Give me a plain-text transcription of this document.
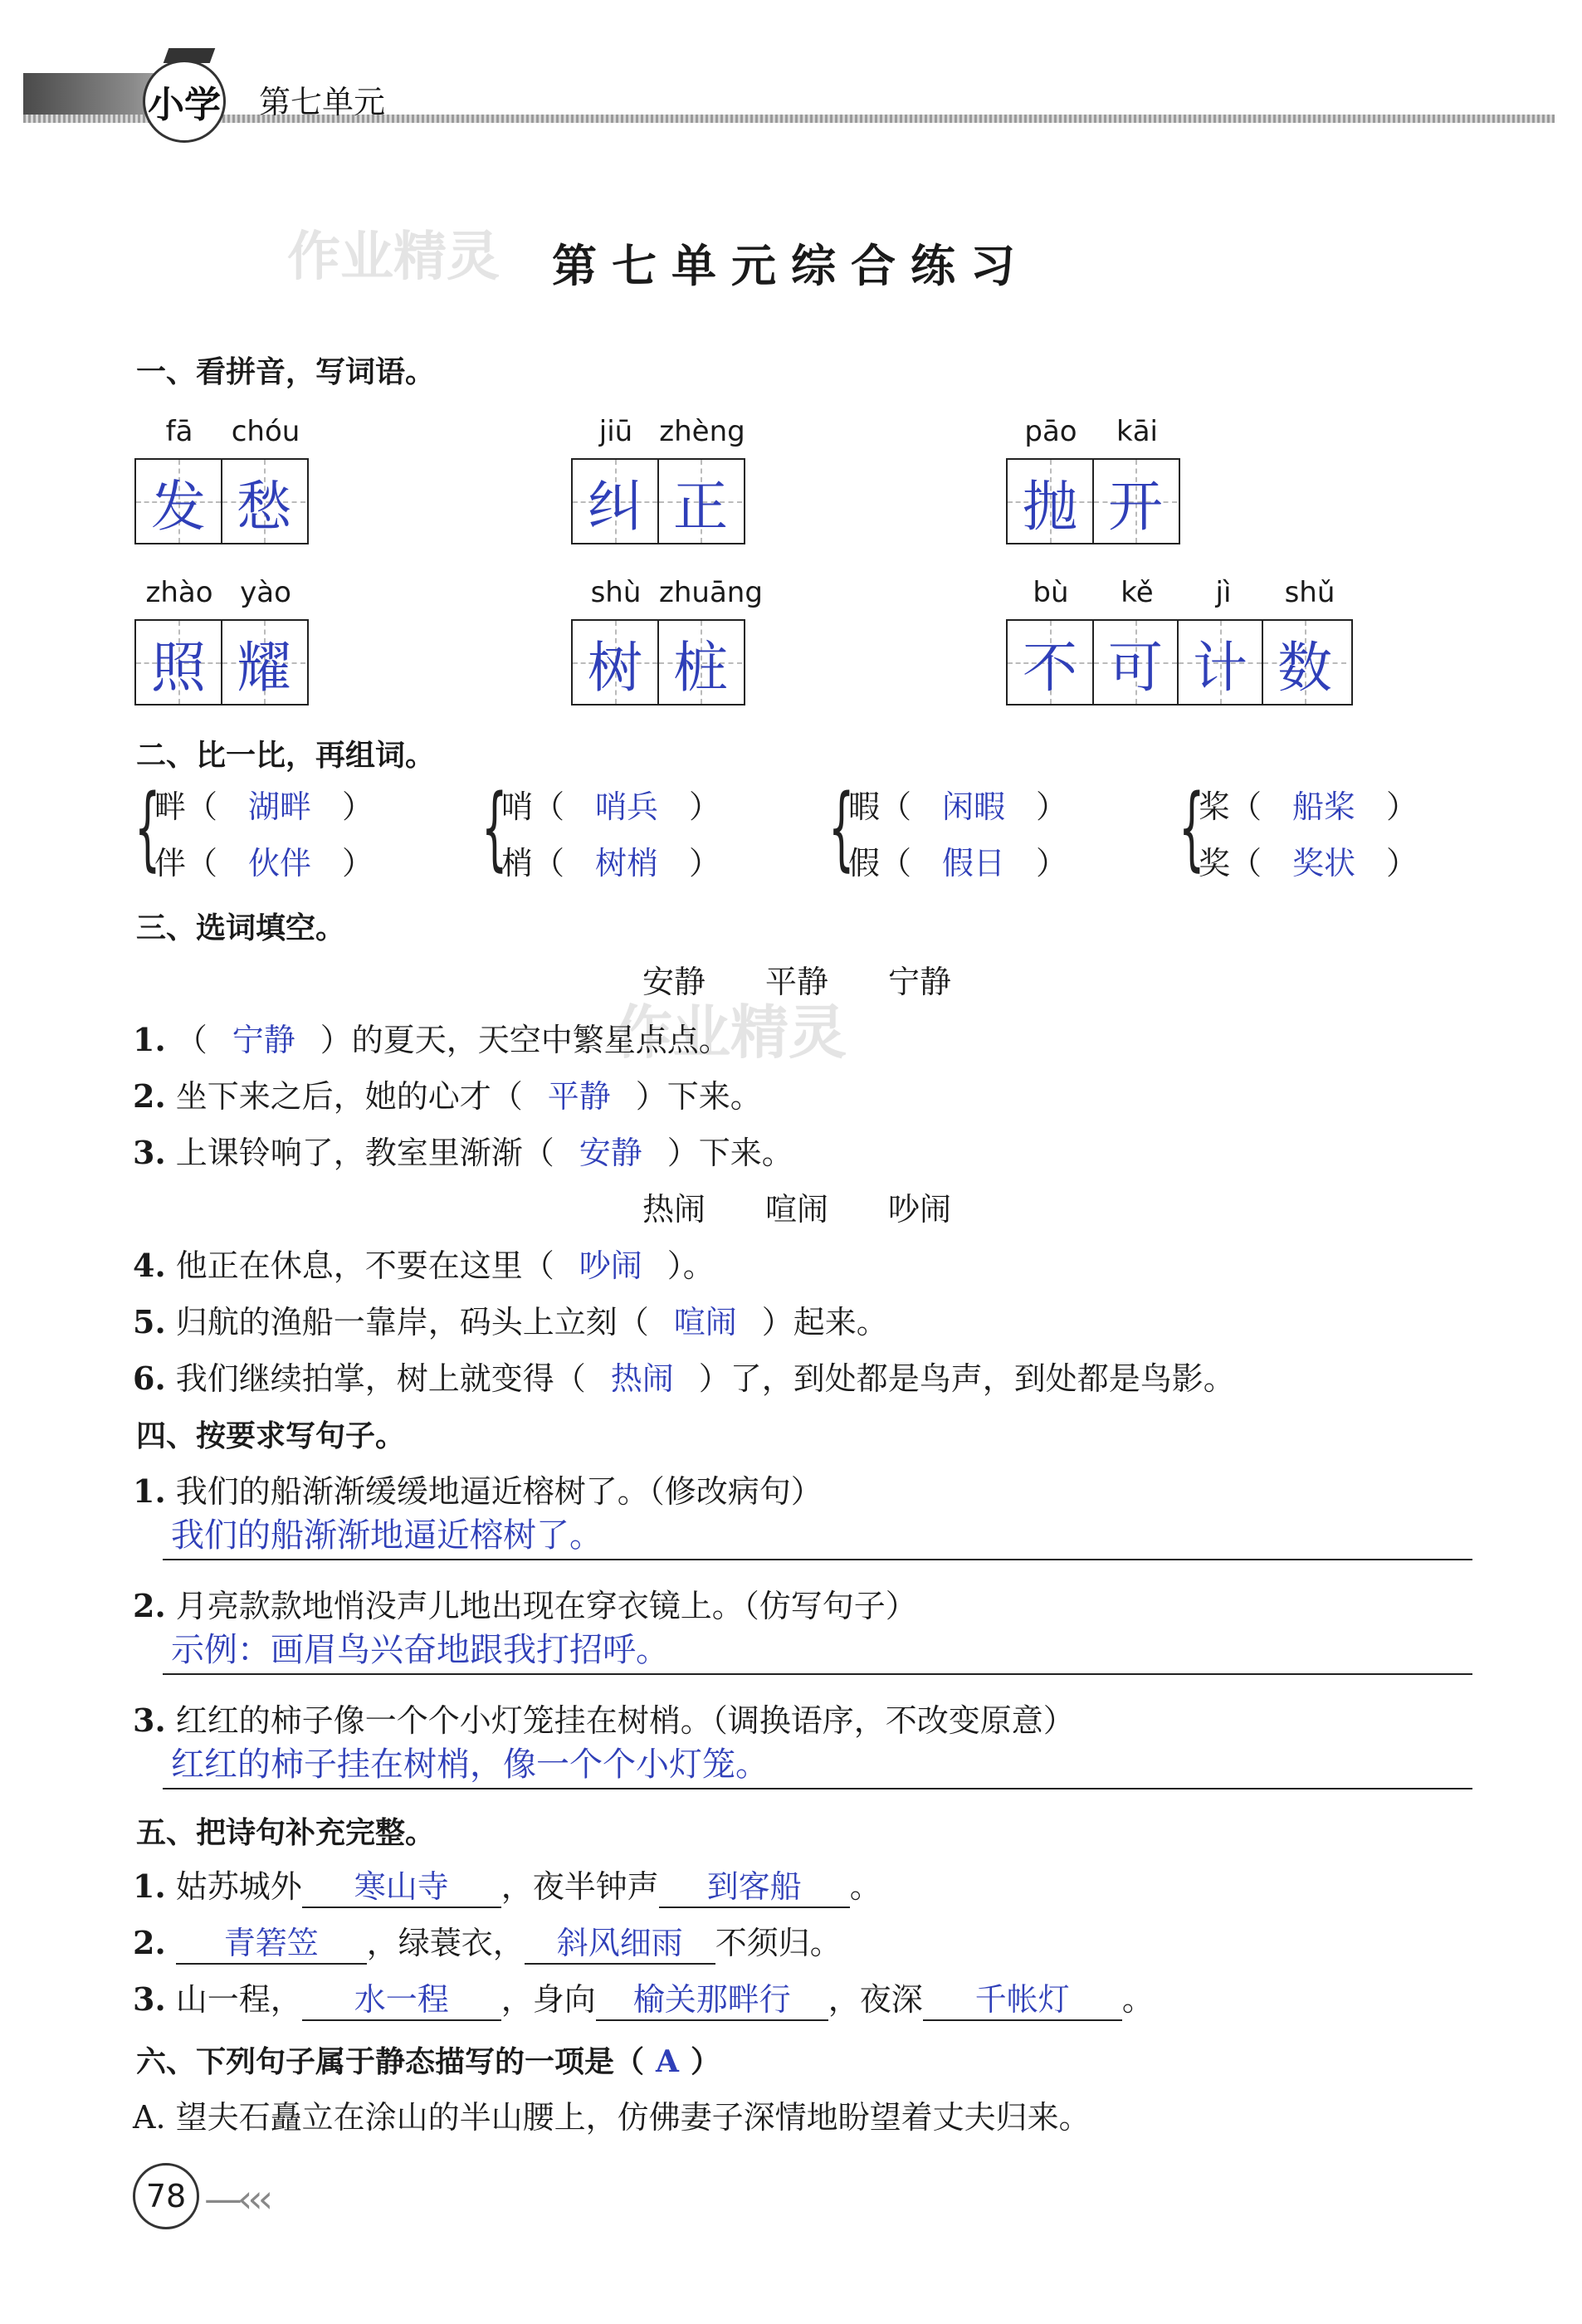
小学 第七单元
作业精灵	第七单元综合练习
一、看拼音，写词语。
fā	chóu
发 愁
jiū zhèng
纠 正
pāo	kāi
抛 开
zhào yào
照 耀
shù zhuāng
树 桩
bù	kě	jì	shǔ
不 可 计 数
二、比一比，再组词。
{
畔（ 湖畔 ）
伴（ 伙伴 ） {
哨（ 哨兵 ）
梢（ 树梢 ） {
暇（ 闲暇 ）
假（ 假日 ） {
桨（ 船桨 ）
奖（ 奖状 ）
三、选词填空。
安静 平静 宁静
作业精灵
1. （ 宁静 ）的夏天，天空中繁星点点。
2. 坐下来之后，她的心才（ 平静 ）下来。
3. 上课铃响了，教室里渐渐（ 安静 ）下来。
热闹 喧闹 吵闹
4. 他正在休息，不要在这里（ 吵闹 ）。
5. 归航的渔船一靠岸，码头上立刻（ 喧闹 ）起来。
6. 我们继续拍掌，树上就变得（ 热闹 ）了，到处都是鸟声，到处都是鸟影。
四、按要求写句子。
1. 我们的船渐渐缓缓地逼近榕树了。（修改病句）
我们的船渐渐地逼近榕树了。
2. 月亮款款地悄没声儿地出现在穿衣镜上。（仿写句子）
示例：画眉鸟兴奋地跟我打招呼。
3. 红红的柿子像一个个小灯笼挂在树梢。（调换语序，不改变原意）
红红的柿子挂在树梢，像一个个小灯笼。
五、把诗句补充完整。
1. 姑苏城外 寒山寺 ，夜半钟声 到客船 。
2. 青箬笠 ，绿蓑衣， 斜风细雨 不须归。
3. 山一程， 水一程 ，身向 榆关那畔行 ，夜深 千帐灯 。
六、下列句子属于静态描写的一项是（ A ）
A. 望夫石矗立在涂山的半山腰上，仿佛妻子深情地盼望着丈夫归来。
78 —‹‹‹
